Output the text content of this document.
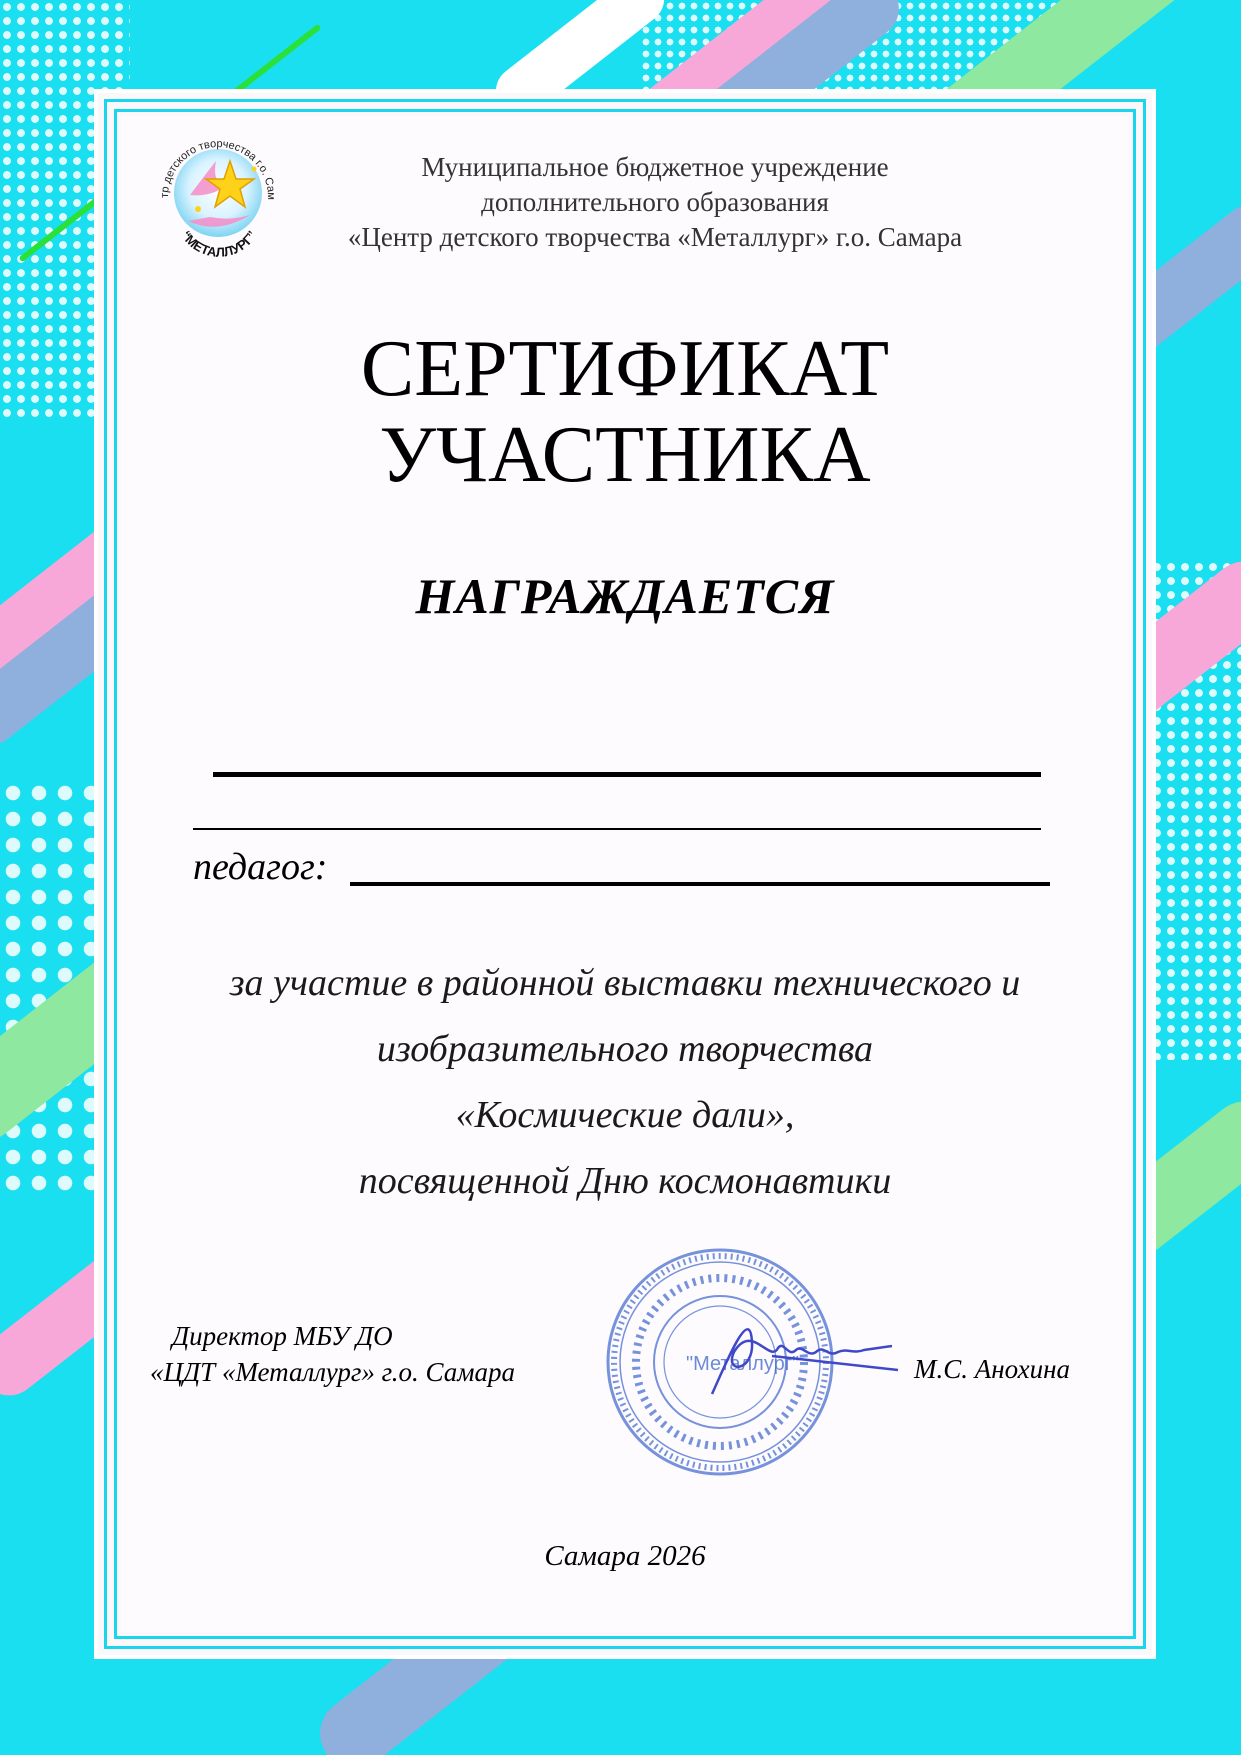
тр детского творчества г.о. Сам
“МЕТАЛЛУРГ”
Муниципальное бюджетное учреждение
дополнительного образования
«Центр детского творчества «Металлург» г.о. Самара
СЕРТИФИКАТ
УЧАСТНИКА
НАГРАЖДАЕТСЯ
педагог:
за участие в районной выставки технического и
изобразительного творчества
«Космические дали»,
посвященной Дню космонавтики
"Металлург"
Директор МБУ ДО
«ЦДТ «Металлург» г.о. Самара	М.С. Анохина
Самара 2026
